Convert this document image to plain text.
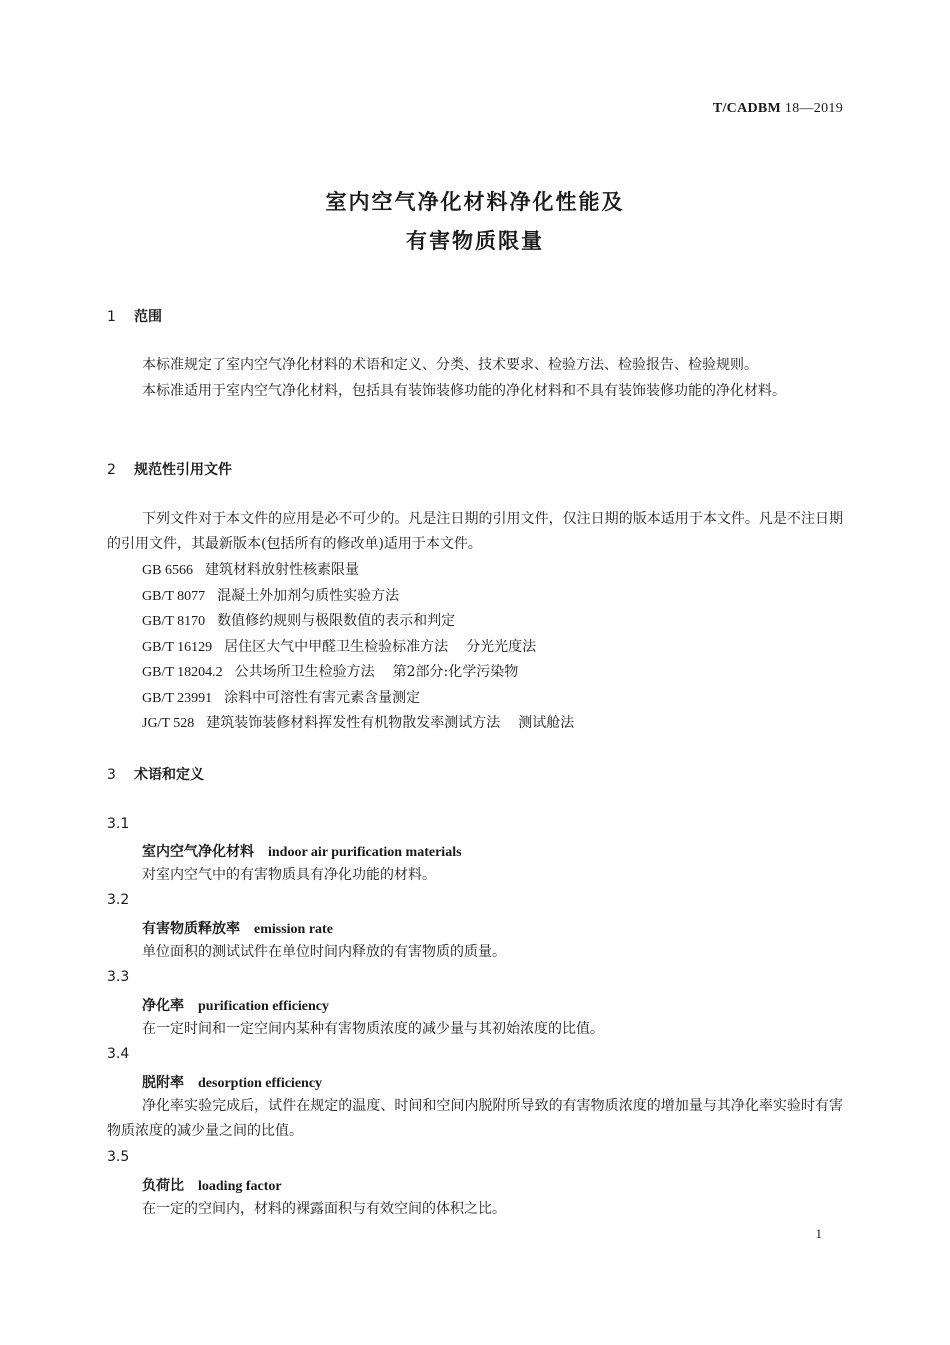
T/CADBM 18—2019
室内空气净化材料净化性能及
有害物质限量
1 范围
本标准规定了室内空气净化材料的术语和定义、分类、技术要求、检验方法、检验报告、检验规则。
本标准适用于室内空气净化材料，包括具有装饰装修功能的净化材料和不具有装饰装修功能的净化材料。
2 规范性引用文件
下列文件对于本文件的应用是必不可少的。凡是注日期的引用文件，仅注日期的版本适用于本文件。凡是不注日期的引用文件，其最新版本(包括所有的修改单)适用于本文件。
GB 6566 建筑材料放射性核素限量
GB/T 8077 混凝土外加剂匀质性实验方法
GB/T 8170 数值修约规则与极限数值的表示和判定
GB/T 16129 居住区大气中甲醛卫生检验标准方法 分光光度法
GB/T 18204.2 公共场所卫生检验方法 第2部分:化学污染物
GB/T 23991 涂料中可溶性有害元素含量测定
JG/T 528 建筑装饰装修材料挥发性有机物散发率测试方法 测试舱法
3 术语和定义
3.1
室内空气净化材料 indoor air purification materials
对室内空气中的有害物质具有净化功能的材料。
3.2
有害物质释放率 emission rate
单位面积的测试试件在单位时间内释放的有害物质的质量。
3.3
净化率 purification efficiency
在一定时间和一定空间内某种有害物质浓度的减少量与其初始浓度的比值。
3.4
脱附率 desorption efficiency
净化率实验完成后，试件在规定的温度、时间和空间内脱附所导致的有害物质浓度的增加量与其净化率实验时有害物质浓度的减少量之间的比值。
3.5
负荷比 loading factor
在一定的空间内，材料的裸露面积与有效空间的体积之比。
1
